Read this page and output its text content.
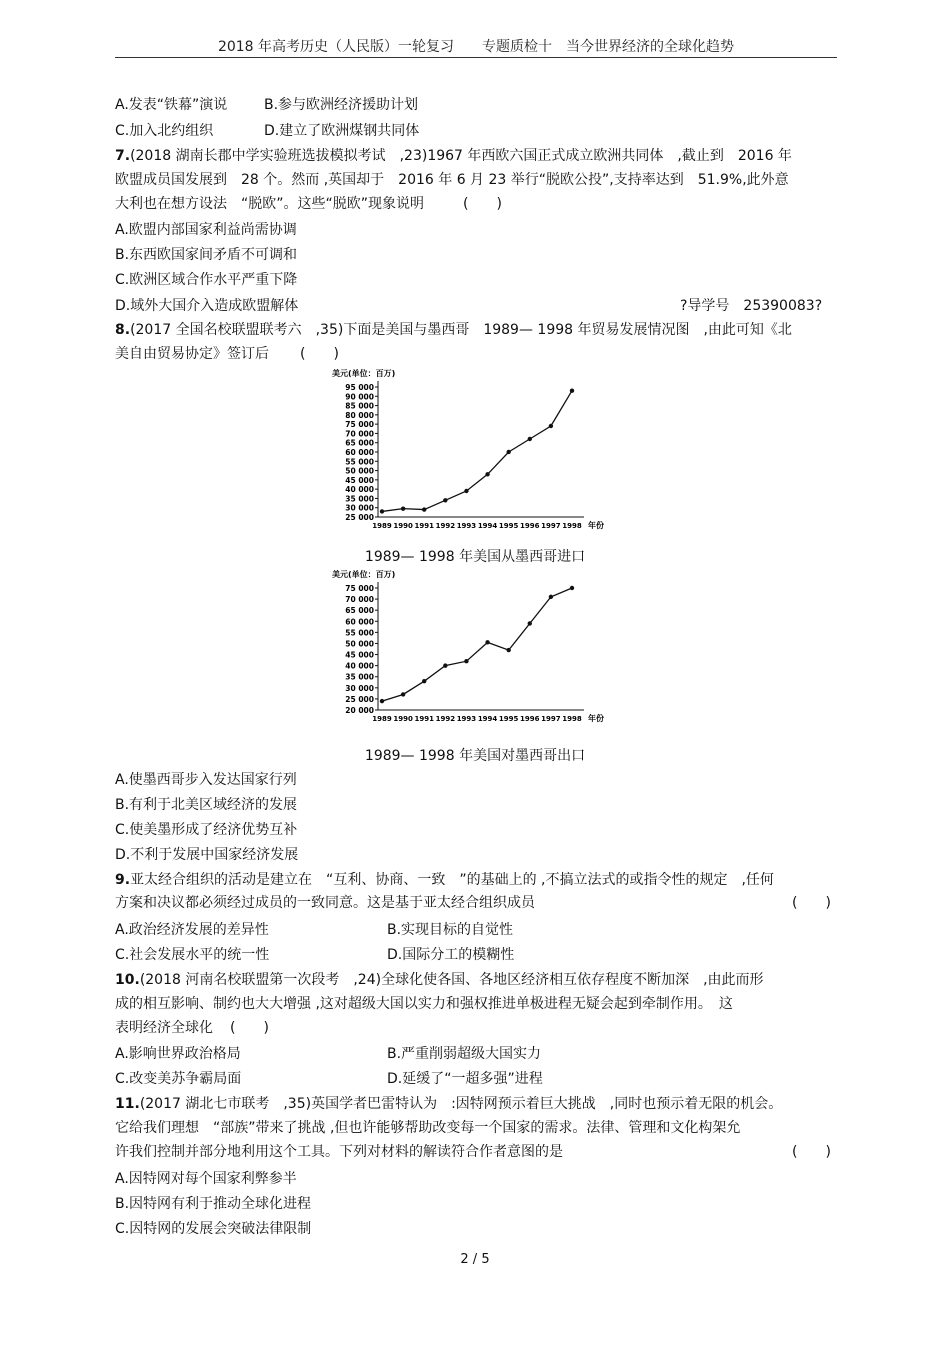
2018 年高考历史（人民版）一轮复习　　专题质检十　当今世界经济的全球化趋势
A.发表“铁幕”演说	B.参与欧洲经济援助计划
C.加入北约组织	D.建立了欧洲煤钢共同体
7.(2018 湖南长郡中学实验班选拔模拟考试　,23)1967 年西欧六国正式成立欧洲共同体　,截止到　2016 年
欧盟成员国发展到　28 个。然而 ,英国却于　2016 年 6 月 23 举行“脱欧公投”,支持率达到　51.9%,此外意
大利也在想方设法　“脱欧”。这些“脱欧”现象说明	(　　)
A.欧盟内部国家利益尚需协调
B.东西欧国家间矛盾不可调和
C.欧洲区域合作水平严重下降
D.域外大国介入造成欧盟解体	?导学号　25390083?
8.(2017 全国名校联盟联考六　,35)下面是美国与墨西哥　1989— 1998 年贸易发展情况图　,由此可知《北
美自由贸易协定》签订后 (　　)
美元(单位：百万)
95 000
90 000
85 000
80 000
75 000
70 000
65 000
60 000
55 000
50 000
45 000
40 000
35 000
30 000
25 000
1989 1990 1991 1992 1993 1994 1995 1996 1997 1998 年份
1989— 1998 年美国从墨西哥进口
美元(单位：百万)
75 000
70 000
65 000
60 000
55 000
50 000
45 000
40 000
35 000
30 000
25 000
20 000
1989 1990 1991 1992 1993 1994 1995 1996 1997 1998 年份
1989— 1998 年美国对墨西哥出口
A.使墨西哥步入发达国家行列
B.有利于北美区域经济的发展
C.使美墨形成了经济优势互补
D.不利于发展中国家经济发展
9.亚太经合组织的活动是建立在　“互利、协商、一致　”的基础上的 ,不搞立法式的或指令性的规定　,任何
方案和决议都必须经过成员的一致同意。这是基于亚太经合组织成员	(　　)
A.政治经济发展的差异性	B.实现目标的自觉性
C.社会发展水平的统一性	D.国际分工的模糊性
10.(2018 河南名校联盟第一次段考　,24)全球化使各国、各地区经济相互依存程度不断加深　,由此而形
成的相互影响、制约也大大增强 ,这对超级大国以实力和强权推进单极进程无疑会起到牵制作用。　这
表明经济全球化 (　　)
A.影响世界政治格局	B.严重削弱超级大国实力
C.改变美苏争霸局面	D.延缓了“一超多强”进程
11.(2017 湖北七市联考　,35)英国学者巴雷特认为　:因特网预示着巨大挑战　,同时也预示着无限的机会。
它给我们理想　“部族”带来了挑战 ,但也许能够帮助改变每一个国家的需求。法律、管理和文化构架允
许我们控制并部分地利用这个工具。下列对材料的解读符合作者意图的是	(　　)
A.因特网对每个国家利弊参半
B.因特网有利于推动全球化进程
C.因特网的发展会突破法律限制
2 / 5
